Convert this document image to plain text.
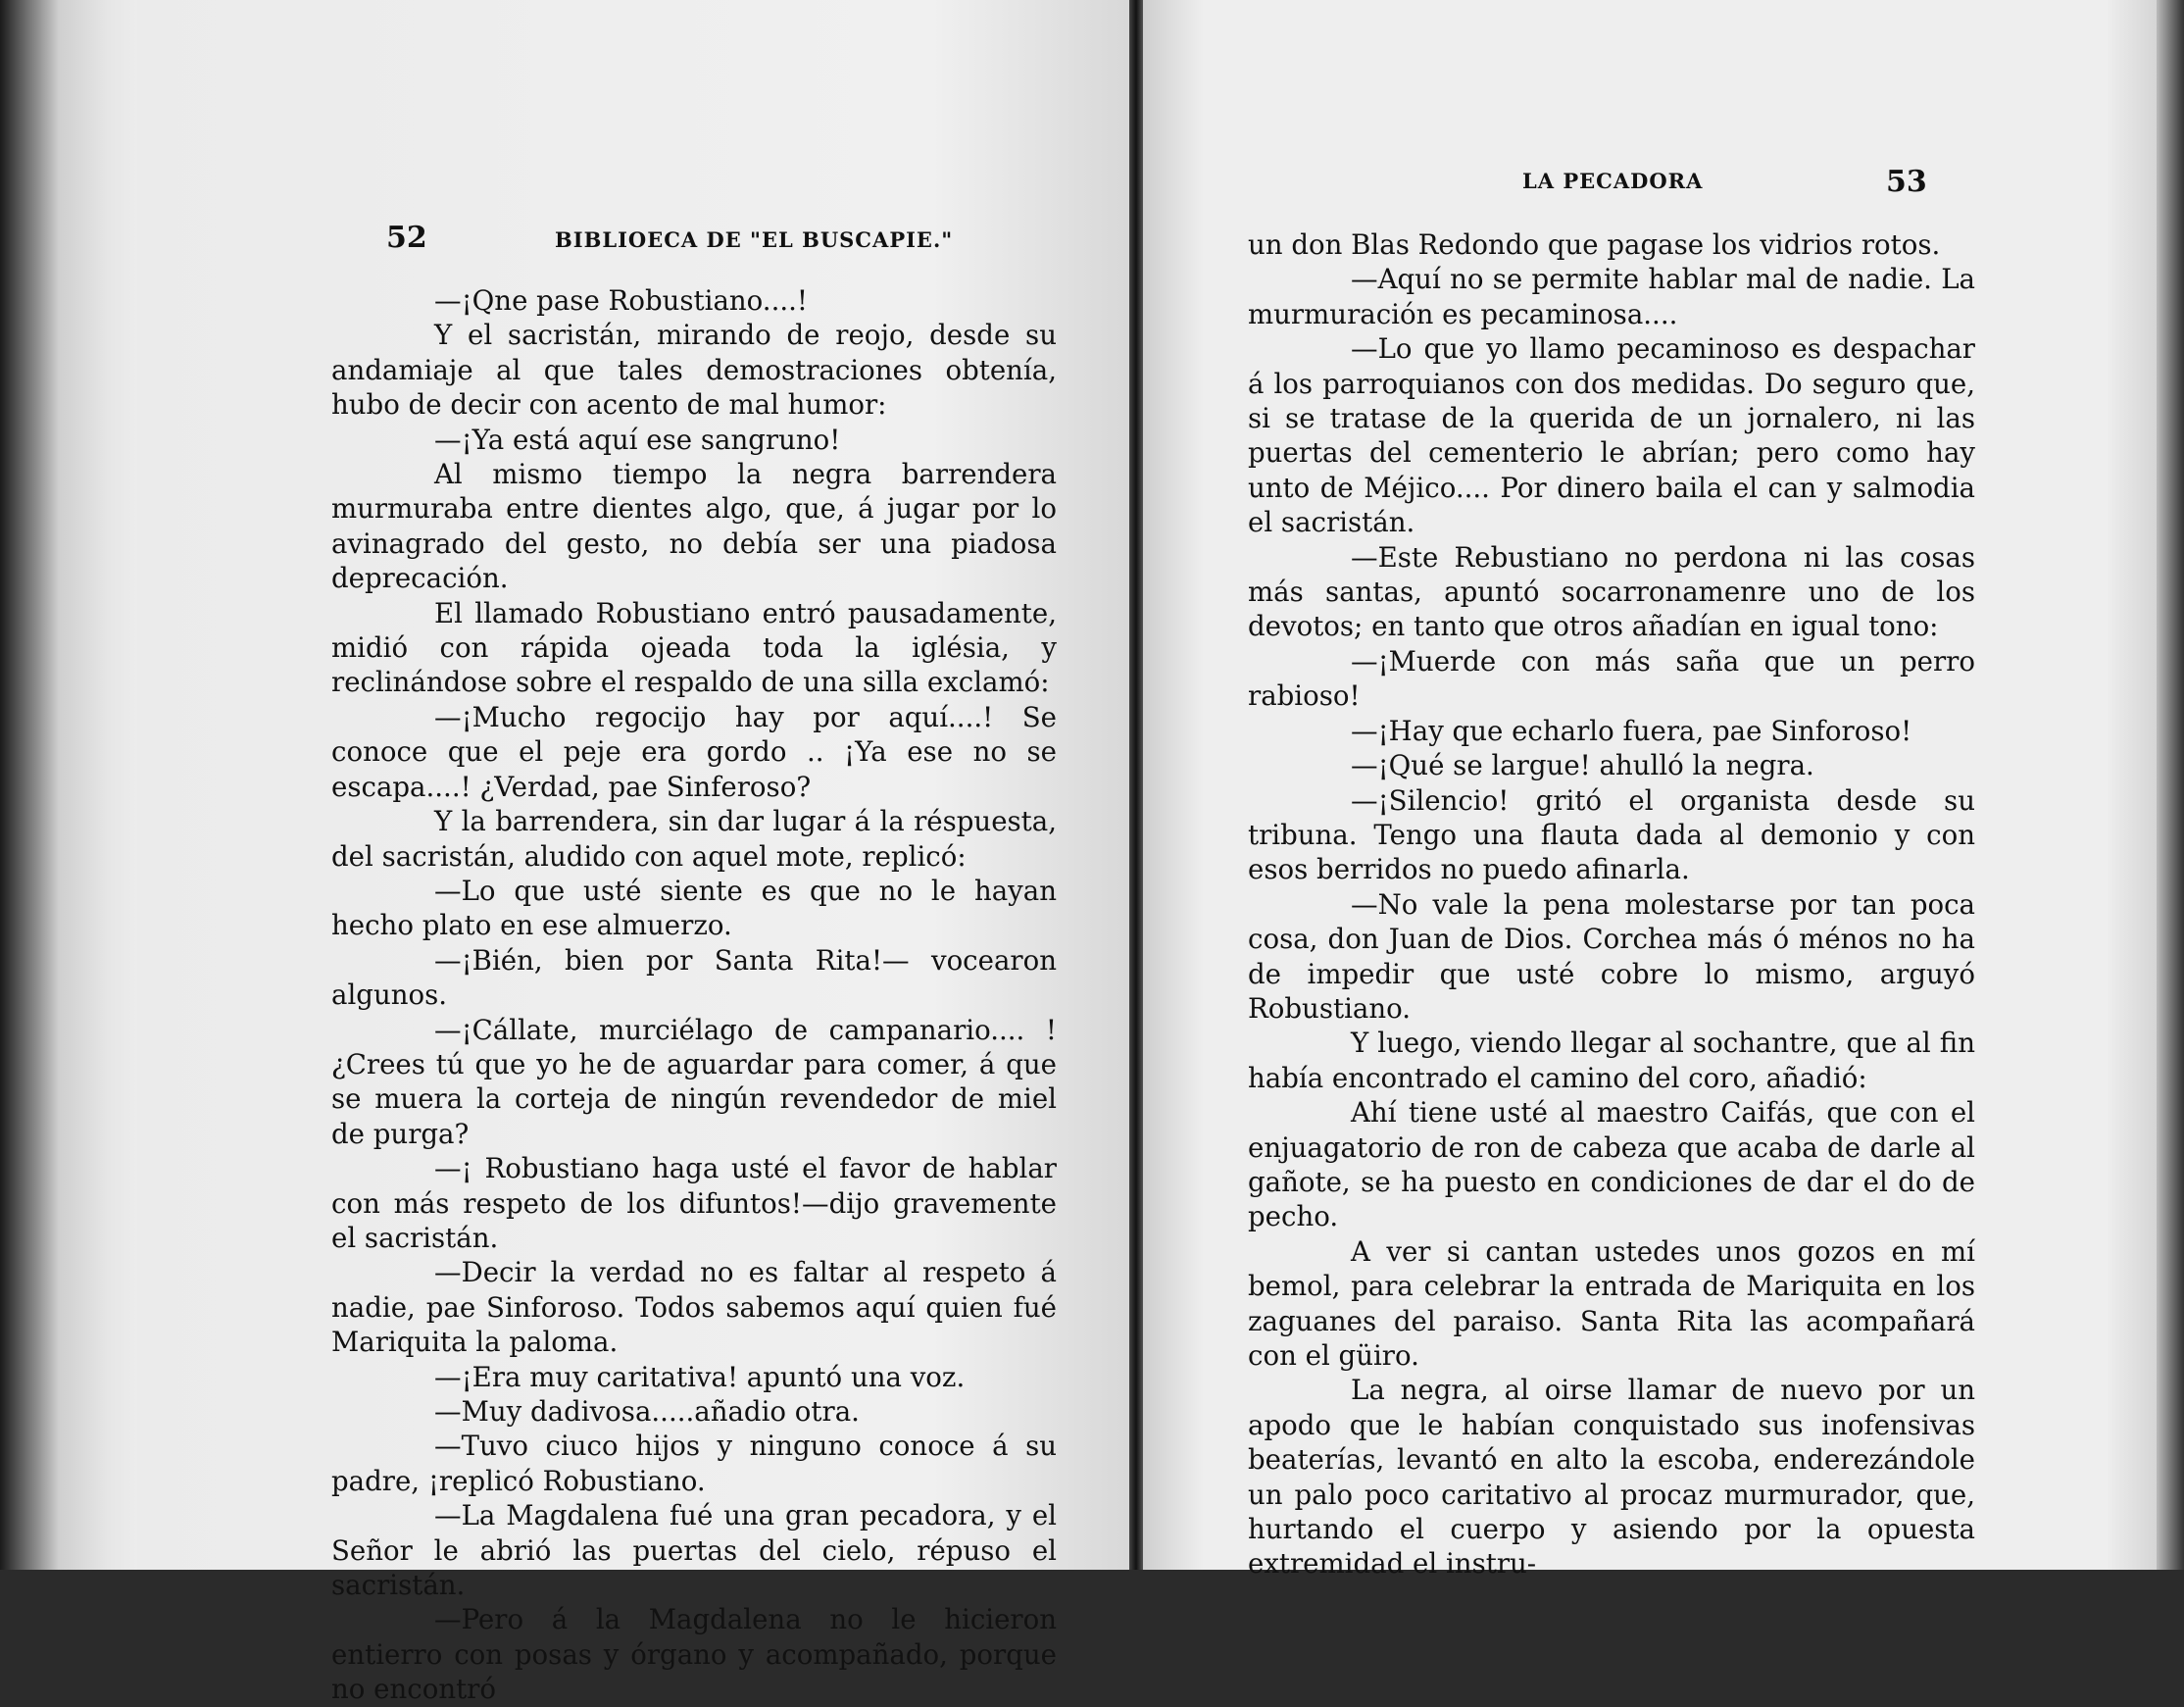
52	BIBLIOECA DE "EL BUSCAPIE."

—¡Qne pase Robustiano....!

Y el sacristán, mirando de reojo, desde su andamiaje al que tales demostraciones obtenía, hubo de decir con acento de mal humor:

—¡Ya está aquí ese sangruno!

Al mismo tiempo la negra barrendera murmuraba entre dientes algo, que, á jugar por lo avinagrado del gesto, no debía ser una piadosa deprecación.

El llamado Robustiano entró pausadamente, midió con rápida ojeada toda la iglésia, y reclinándose sobre el respaldo de una silla exclamó:

—¡Mucho regocijo hay por aquí....! Se conoce que el peje era gordo .. ¡Ya ese no se escapa....! ¿Verdad, pae Sinferoso?

Y la barrendera, sin dar lugar á la réspuesta, del sacristán, aludido con aquel mote, replicó:

—Lo que usté siente es que no le hayan hecho plato en ese almuerzo.

—¡Bién, bien por Santa Rita!— vocearon algunos.

—¡Cállate, murciélago de campanario.... ! ¿Crees tú que yo he de aguardar para comer, á que se muera la corteja de ningún revendedor de miel de purga?

—¡ Robustiano haga usté el favor de hablar con más respeto de los difuntos!—dijo gravemente el sacristán.

—Decir la verdad no es faltar al respeto á nadie, pae Sinforoso. Todos sabemos aquí quien fué Mariquita la paloma.

—¡Era muy caritativa! apuntó una voz.

—Muy dadivosa.....añadio otra.

—Tuvo ciuco hijos y ninguno conoce á su padre, ¡replicó Robustiano.

—La Magdalena fué una gran pecadora, y el Señor le abrió las puertas del cielo, répuso el sacristán.

—Pero á la Magdalena no le hicieron entierro con posas y órgano y acompañado, porque no encontró

LA PECADORA	53

un don Blas Redondo que pagase los vidrios rotos.

—Aquí no se permite hablar mal de nadie. La murmuración es pecaminosa....

—Lo que yo llamo pecaminoso es despachar á los parroquianos con dos medidas. Do seguro que, si se tratase de la querida de un jornalero, ni las puertas del cementerio le abrían; pero como hay unto de Méjico.... Por dinero baila el can y salmodia el sacristán.

—Este Rebustiano no perdona ni las cosas más santas, apuntó socarronamenre uno de los devotos; en tanto que otros añadían en igual tono:

—¡Muerde con más saña que un perro rabioso!

—¡Hay que echarlo fuera, pae Sinforoso!

—¡Qué se largue! ahulló la negra.

—¡Silencio! gritó el organista desde su tribuna. Tengo una flauta dada al demonio y con esos berridos no puedo afinarla.

—No vale la pena molestarse por tan poca cosa, don Juan de Dios. Corchea más ó ménos no ha de impedir que usté cobre lo mismo, arguyó Robustiano.

Y luego, viendo llegar al sochantre, que al fin había encontrado el camino del coro, añadió:

Ahí tiene usté al maestro Caifás, que con el enjuagatorio de ron de cabeza que acaba de darle al gañote, se ha puesto en condiciones de dar el do de pecho.

A ver si cantan ustedes unos gozos en mí bemol, para celebrar la entrada de Mariquita en los zaguanes del paraiso. Santa Rita las acompañará con el güiro.

La negra, al oirse llamar de nuevo por un apodo que le habían conquistado sus inofensivas beaterías, levantó en alto la escoba, enderezándole un palo poco caritativo al procaz murmurador, que, hurtando el cuerpo y asiendo por la opuesta extremidad el instru-
